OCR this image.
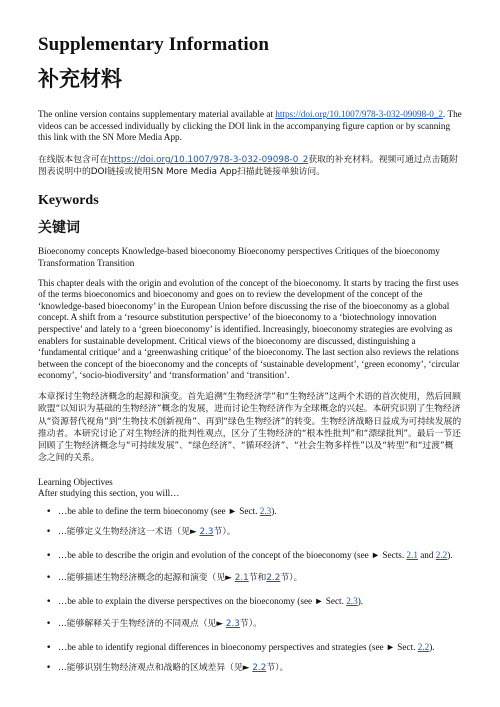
Supplementary Information
补充材料

The online version contains supplementary material available at https://doi.org/10.1007/978-3-032-09098-0_2. The videos can be accessed individually by clicking the DOI link in the accompanying figure caption or by scanning this link with the SN More Media App.

在线版本包含可在https://doi.org/10.1007/978-3-032-09098-0_2获取的补充材料。视频可通过点击随附图表说明中的DOI链接或使用SN More Media App扫描此链接单独访问。

Keywords
关键词

Bioeconomy concepts Knowledge-based bioeconomy Bioeconomy perspectives Critiques of the bioeconomy Transformation Transition

This chapter deals with the origin and evolution of the concept of the bioeconomy. It starts by tracing the first uses of the terms bioeconomics and bioeconomy and goes on to review the development of the concept of the ‘knowledge-based bioeconomy’ in the European Union before discussing the rise of the bioeconomy as a global concept. A shift from a ‘resource substitution perspective’ of the bioeconomy to a ‘biotechnology innovation perspective’ and lately to a ‘green bioeconomy’ is identified. Increasingly, bioeconomy strategies are evolving as enablers for sustainable development. Critical views of the bioeconomy are discussed, distinguishing a ‘fundamental critique’ and a ‘greenwashing critique’ of the bioeconomy. The last section also reviews the relations between the concept of the bioeconomy and the concepts of ‘sustainable development’, ‘green economy’, ‘circular economy’, ‘socio-biodiversity’ and ‘transformation’ and ‘transition’.

本章探讨生物经济概念的起源和演变。首先追溯“生物经济学”和“生物经济”这两个术语的首次使用，然后回顾欧盟“以知识为基础的生物经济”概念的发展，进而讨论生物经济作为全球概念的兴起。本研究识别了生物经济从“资源替代视角”到“生物技术创新视角”、再到“绿色生物经济”的转变。生物经济战略日益成为可持续发展的推动者。本研究讨论了对生物经济的批判性观点，区分了生物经济的“根本性批判”和“漂绿批判”。最后一节还回顾了生物经济概念与“可持续发展”、“绿色经济”、“循环经济”、“社会生物多样性”以及“转型”和“过渡”概念之间的关系。

Learning Objectives
After studying this section, you will…
• …be able to define the term bioeconomy (see ► Sect. 2.3).
• …能够定义生物经济这一术语（见► 2.3节）。
• …be able to describe the origin and evolution of the concept of the bioeconomy (see ► Sects. 2.1 and 2.2).
• …能够描述生物经济概念的起源和演变（见► 2.1节和2.2节）。
• …be able to explain the diverse perspectives on the bioeconomy (see ► Sect. 2.3).
• …能够解释关于生物经济的不同观点（见► 2.3节）。
• …be able to identify regional differences in bioeconomy perspectives and strategies (see ► Sect. 2.2).
• …能够识别生物经济观点和战略的区域差异（见► 2.2节）。
